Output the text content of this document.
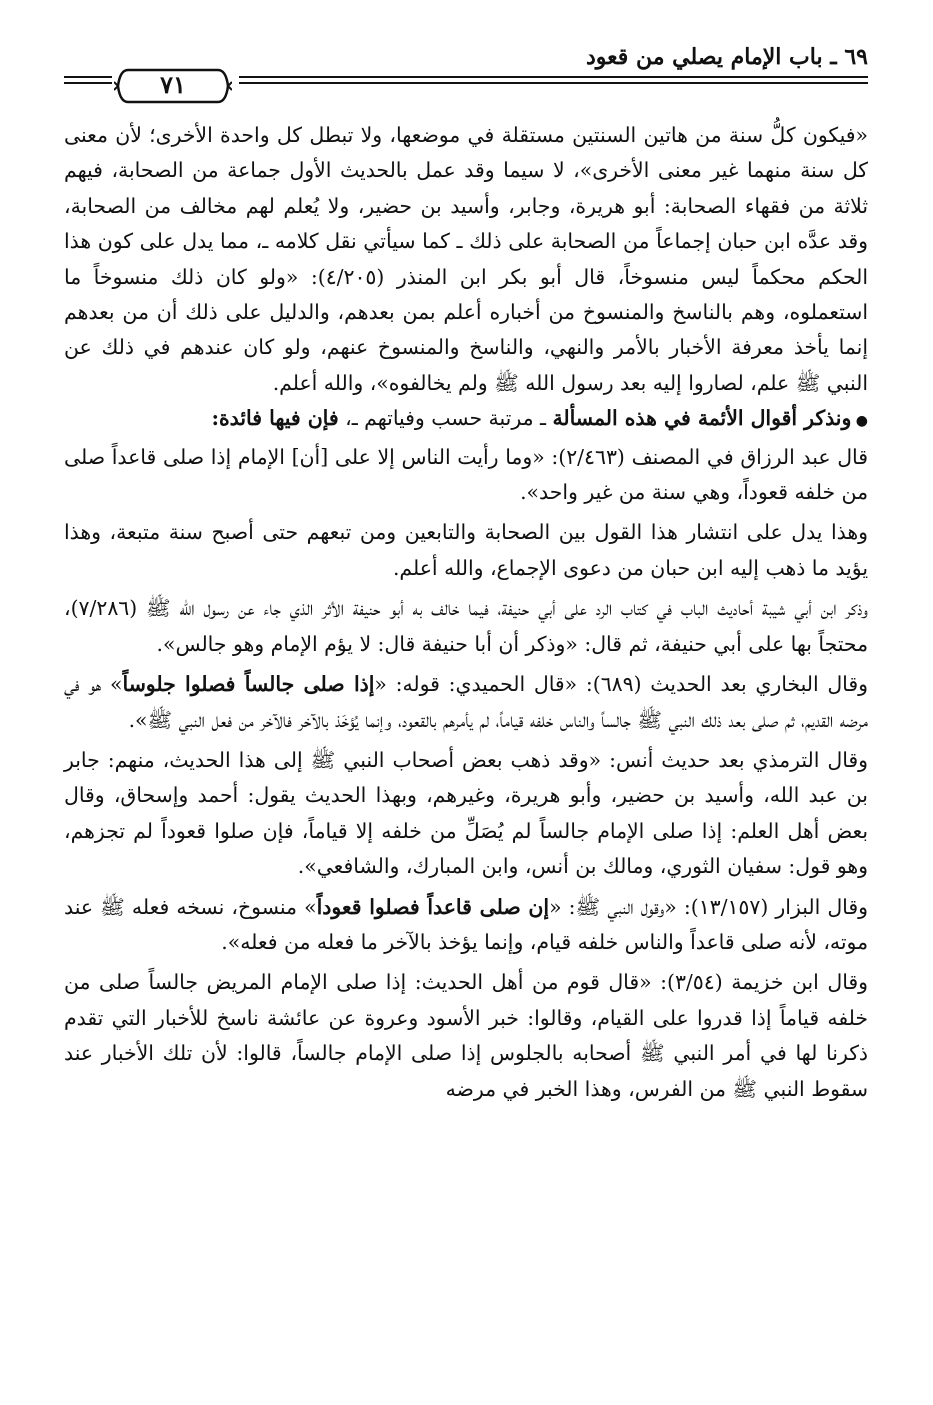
٦٩ ـ باب الإمام يصلي من قعود
٧١

«فيكون كلُّ سنة من هاتين السنتين مستقلة في موضعها، ولا تبطل كل واحدة الأخرى؛ لأن معنى كل سنة منهما غير معنى الأخرى»، لا سيما وقد عمل بالحديث الأول جماعة من الصحابة، فيهم ثلاثة من فقهاء الصحابة: أبو هريرة، وجابر، وأسيد بن حضير، ولا يُعلم لهم مخالف من الصحابة، وقد عدَّه ابن حبان إجماعاً من الصحابة على ذلك ـ كما سيأتي نقل كلامه ـ، مما يدل على كون هذا الحكم محكماً ليس منسوخاً، قال أبو بكر ابن المنذر (٤/٢٠٥): «ولو كان ذلك منسوخاً ما استعملوه، وهم بالناسخ والمنسوخ من أخباره أعلم بمن بعدهم، والدليل على ذلك أن من بعدهم إنما يأخذ معرفة الأخبار بالأمر والنهي، والناسخ والمنسوخ عنهم، ولو كان عندهم في ذلك عن النبي ﷺ علم، لصاروا إليه بعد رسول الله ﷺ ولم يخالفوه»، والله أعلم.

● ونذكر أقوال الأئمة في هذه المسألة ـ مرتبة حسب وفياتهم ـ، فإن فيها فائدة:

قال عبد الرزاق في المصنف (٢/٤٦٣): «وما رأيت الناس إلا على [أن] الإمام إذا صلى قاعداً صلى من خلفه قعوداً، وهي سنة من غير واحد».

وهذا يدل على انتشار هذا القول بين الصحابة والتابعين ومن تبعهم حتى أصبح سنة متبعة، وهذا يؤيد ما ذهب إليه ابن حبان من دعوى الإجماع، والله أعلم.

وذكر ابن أبي شيبة أحاديث الباب في كتاب الرد على أبي حنيفة، فيما خالف به أبو حنيفة الأثر الذي جاء عن رسول الله ﷺ (٧/٢٨٦)، محتجاً بها على أبي حنيفة، ثم قال: «وذكر أن أبا حنيفة قال: لا يؤم الإمام وهو جالس».

وقال البخاري بعد الحديث (٦٨٩): «قال الحميدي: قوله: «إذا صلى جالساً فصلوا جلوساً» هو في مرضه القديم، ثم صلى بعد ذلك النبي ﷺ جالساً والناس خلفه قياماً، لم يأمرهم بالقعود، وإنما يُؤخَذ بالآخر فالآخر من فعل النبي ﷺ».

وقال الترمذي بعد حديث أنس: «وقد ذهب بعض أصحاب النبي ﷺ إلى هذا الحديث، منهم: جابر بن عبد الله، وأسيد بن حضير، وأبو هريرة، وغيرهم، وبهذا الحديث يقول: أحمد وإسحاق، وقال بعض أهل العلم: إذا صلى الإمام جالساً لم يُصَلِّ من خلفه إلا قياماً، فإن صلوا قعوداً لم تجزهم، وهو قول: سفيان الثوري، ومالك بن أنس، وابن المبارك، والشافعي».

وقال البزار (١٣/١٥٧): «وقول النبي ﷺ: «إن صلى قاعداً فصلوا قعوداً» منسوخ، نسخه فعله ﷺ عند موته، لأنه صلى قاعداً والناس خلفه قيام، وإنما يؤخذ بالآخر ما فعله من فعله».

وقال ابن خزيمة (٣/٥٤): «قال قوم من أهل الحديث: إذا صلى الإمام المريض جالساً صلى من خلفه قياماً إذا قدروا على القيام، وقالوا: خبر الأسود وعروة عن عائشة ناسخ للأخبار التي تقدم ذكرنا لها في أمر النبي ﷺ أصحابه بالجلوس إذا صلى الإمام جالساً، قالوا: لأن تلك الأخبار عند سقوط النبي ﷺ من الفرس، وهذا الخبر في مرضه
